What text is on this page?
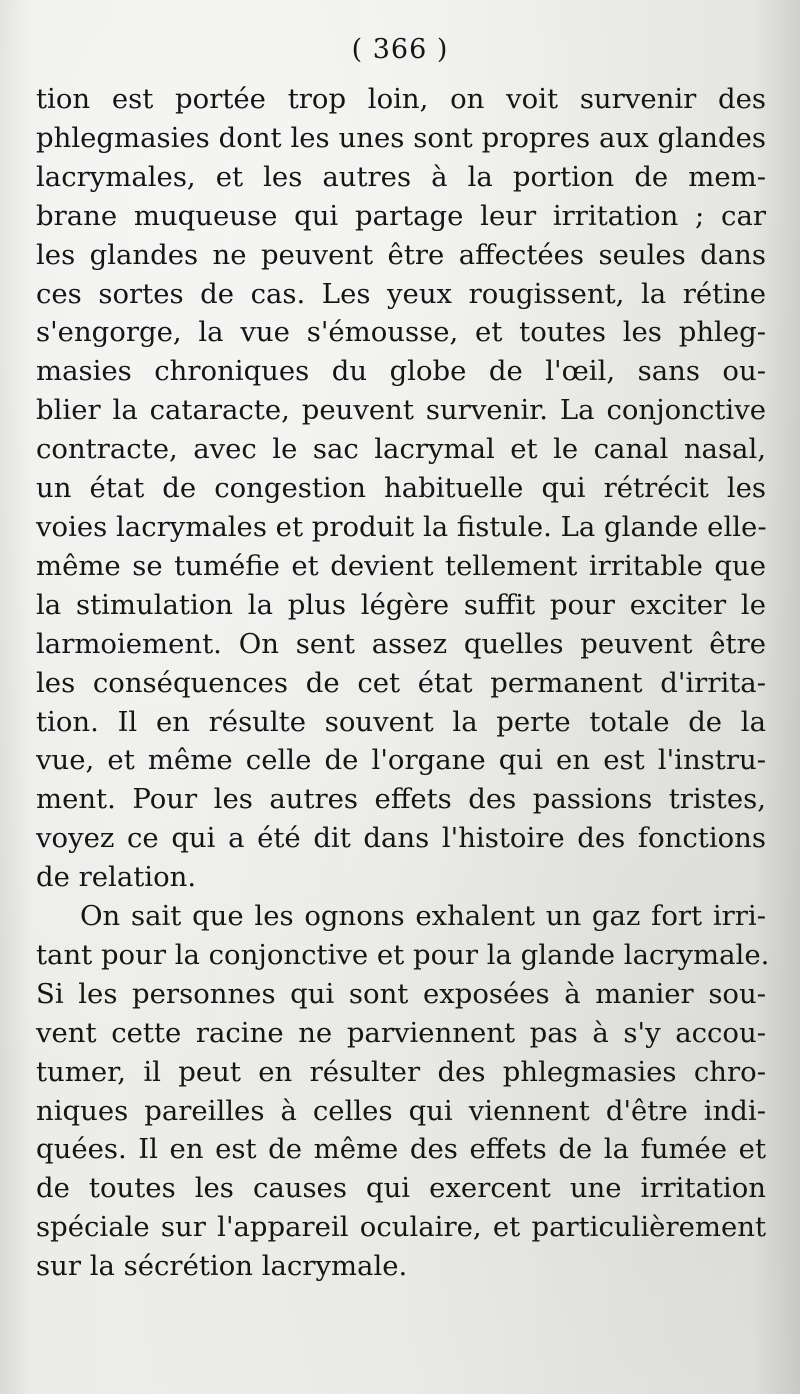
( 366 )
tion est portée trop loin, on voit survenir des
phlegmasies dont les unes sont propres aux glandes
lacrymales, et les autres à la portion de mem-
brane muqueuse qui partage leur irritation ; car
les glandes ne peuvent être affectées seules dans
ces sortes de cas. Les yeux rougissent, la rétine
s'engorge, la vue s'émousse, et toutes les phleg-
masies chroniques du globe de l'œil, sans ou-
blier la cataracte, peuvent survenir. La conjonctive
contracte, avec le sac lacrymal et le canal nasal,
un état de congestion habituelle qui rétrécit les
voies lacrymales et produit la fistule. La glande elle-
même se tuméfie et devient tellement irritable que
la stimulation la plus légère suffit pour exciter le
larmoiement. On sent assez quelles peuvent être
les conséquences de cet état permanent d'irrita-
tion. Il en résulte souvent la perte totale de la
vue, et même celle de l'organe qui en est l'instru-
ment. Pour les autres effets des passions tristes,
voyez ce qui a été dit dans l'histoire des fonctions
de relation.
On sait que les ognons exhalent un gaz fort irri-
tant pour la conjonctive et pour la glande lacrymale.
Si les personnes qui sont exposées à manier sou-
vent cette racine ne parviennent pas à s'y accou-
tumer, il peut en résulter des phlegmasies chro-
niques pareilles à celles qui viennent d'être indi-
quées. Il en est de même des effets de la fumée et
de toutes les causes qui exercent une irritation
spéciale sur l'appareil oculaire, et particulièrement
sur la sécrétion lacrymale.
